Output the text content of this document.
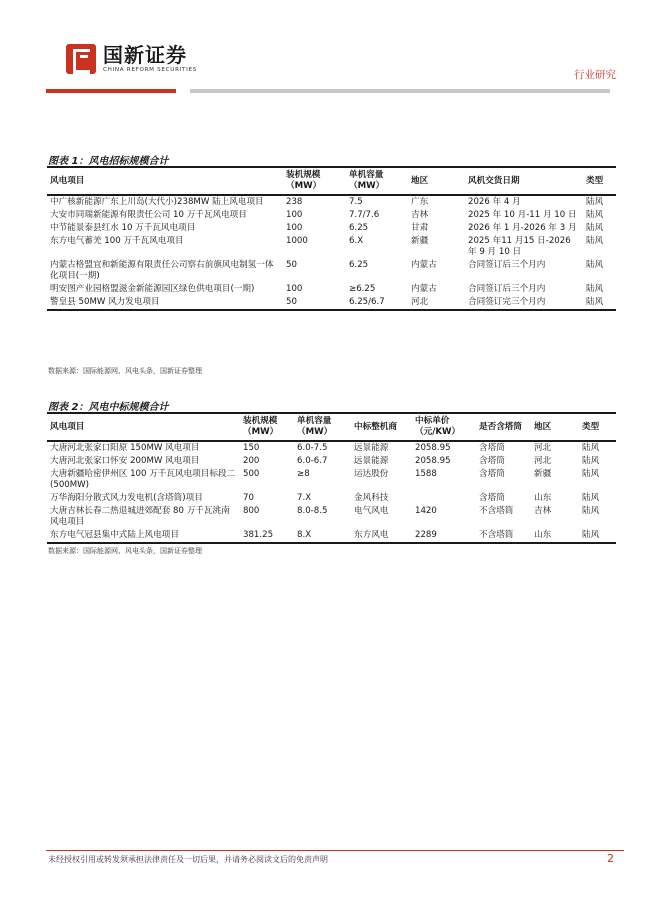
国新证券
CHINA REFORM SECURITIES	行业研究
图表 1：风电招标规模合计
风电项目	装机规模（MW）	单机容量（MW）	地区	风机交货日期	类型
中广核新能源广东上川岛(大代小)238MW 陆上风电项目	238	7.5	广东	2026 年 4 月	陆风
大安市同瑞新能源有限责任公司 10 万千瓦风电项目	100	7.7/7.6	吉林	2025 年 10 月-11 月 10 日	陆风
中节能景泰县红水 10 万千瓦风电项目	100	6.25	甘肃	2026 年 1 月-2026 年 3 月	陆风
东方电气蓄羌 100 万千瓦风电项目	1000	6.X	新疆	2025 年11 月15 日-2026 年 9 月 10 日	陆风
内蒙古格盟宜和新能源有限责任公司察右前旗风电制氢一体化项目(一期)	50	6.25	内蒙古	合同签订后三个月内	陆风
明安图产业园格盟滋金新能源园区绿色供电项目(一期)	100	≥6.25	内蒙古	合同签订后三个月内	陆风
警皇县 50MW 风力发电项目	50	6.25/6.7	河北	合同签订完三个月内	陆风
数据来源：国际能源网、风电头条，国新证券整理
图表 2：风电中标规模合计
风电项目	装机规模（MW）	单机容量（MW）	中标整机商	中标单价（元/KW）	是否含塔筒	地区	类型
大唐河北张家口阳原 150MW 风电项目	150	6.0-7.5	远景能源	2058.95	含塔筒	河北	陆风
大唐河北张家口怀安 200MW 风电项目	200	6.0-6.7	远景能源	2058.95	含塔筒	河北	陆风
大唐新疆哈密伊州区 100 万千瓦风电项目标段二(500MW)	500	≥8	运达股份	1588	含塔筒	新疆	陆风
万华海阳分散式风力发电机(含塔筒)项目	70	7.X	金风科技		含塔筒	山东	陆风
大唐吉林长春二热退城进郊配套 80 万千瓦洮南风电项目	800	8.0-8.5	电气风电	1420	不含塔筒	吉林	陆风
东方电气冠县集中式陆上风电项目	381.25	8.X	东方风电	2289	不含塔筒	山东	陆风
数据来源：国际能源网、风电头条，国新证券整理
未经授权引用或转发须承担法律责任及一切后果，并请务必阅读文后的免责声明	2
